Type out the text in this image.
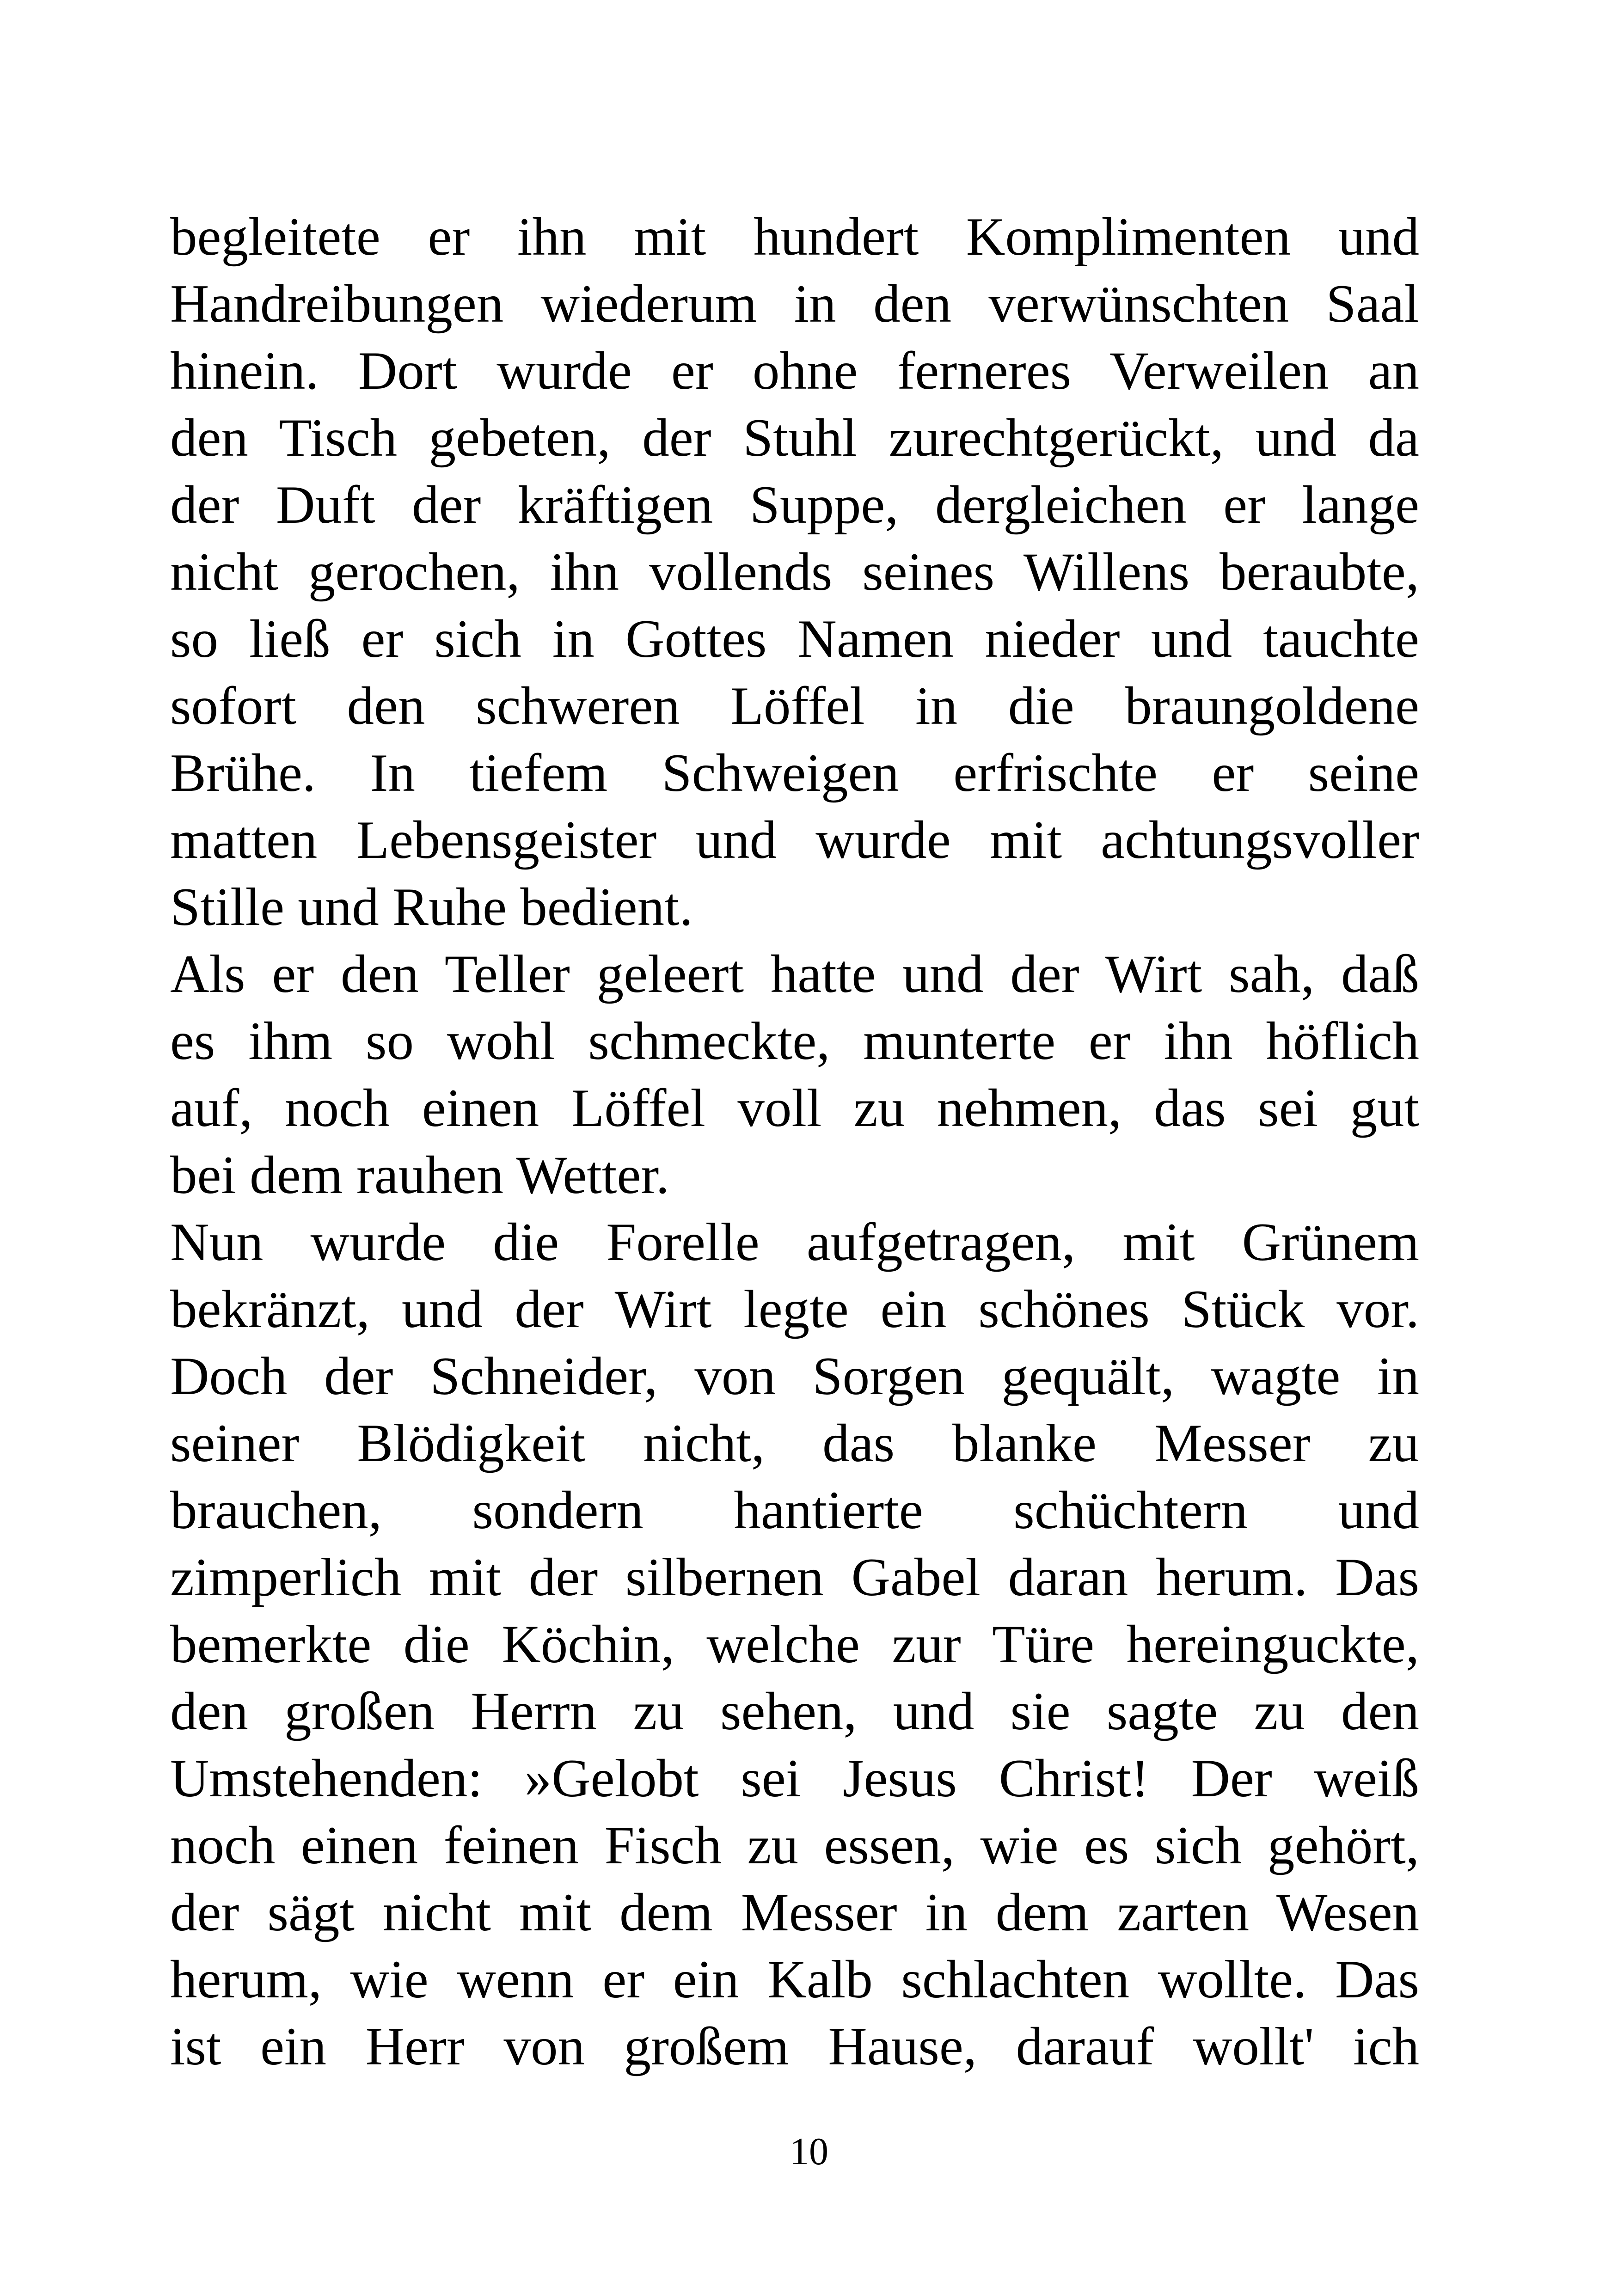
begleitete er ihn mit hundert Komplimenten und
Handreibungen wiederum in den verwünschten Saal
hinein. Dort wurde er ohne ferneres Verweilen an
den Tisch gebeten, der Stuhl zurechtgerückt, und da
der Duft der kräftigen Suppe, dergleichen er lange
nicht gerochen, ihn vollends seines Willens beraubte,
so ließ er sich in Gottes Namen nieder und tauchte
sofort den schweren Löffel in die braungoldene
Brühe. In tiefem Schweigen erfrischte er seine
matten Lebensgeister und wurde mit achtungsvoller
Stille und Ruhe bedient.
Als er den Teller geleert hatte und der Wirt sah, daß
es ihm so wohl schmeckte, munterte er ihn höflich
auf, noch einen Löffel voll zu nehmen, das sei gut
bei dem rauhen Wetter.
Nun wurde die Forelle aufgetragen, mit Grünem
bekränzt, und der Wirt legte ein schönes Stück vor.
Doch der Schneider, von Sorgen gequält, wagte in
seiner Blödigkeit nicht, das blanke Messer zu
brauchen, sondern hantierte schüchtern und
zimperlich mit der silbernen Gabel daran herum. Das
bemerkte die Köchin, welche zur Türe hereinguckte,
den großen Herrn zu sehen, und sie sagte zu den
Umstehenden: »Gelobt sei Jesus Christ! Der weiß
noch einen feinen Fisch zu essen, wie es sich gehört,
der sägt nicht mit dem Messer in dem zarten Wesen
herum, wie wenn er ein Kalb schlachten wollte. Das
ist ein Herr von großem Hause, darauf wollt' ich
10
